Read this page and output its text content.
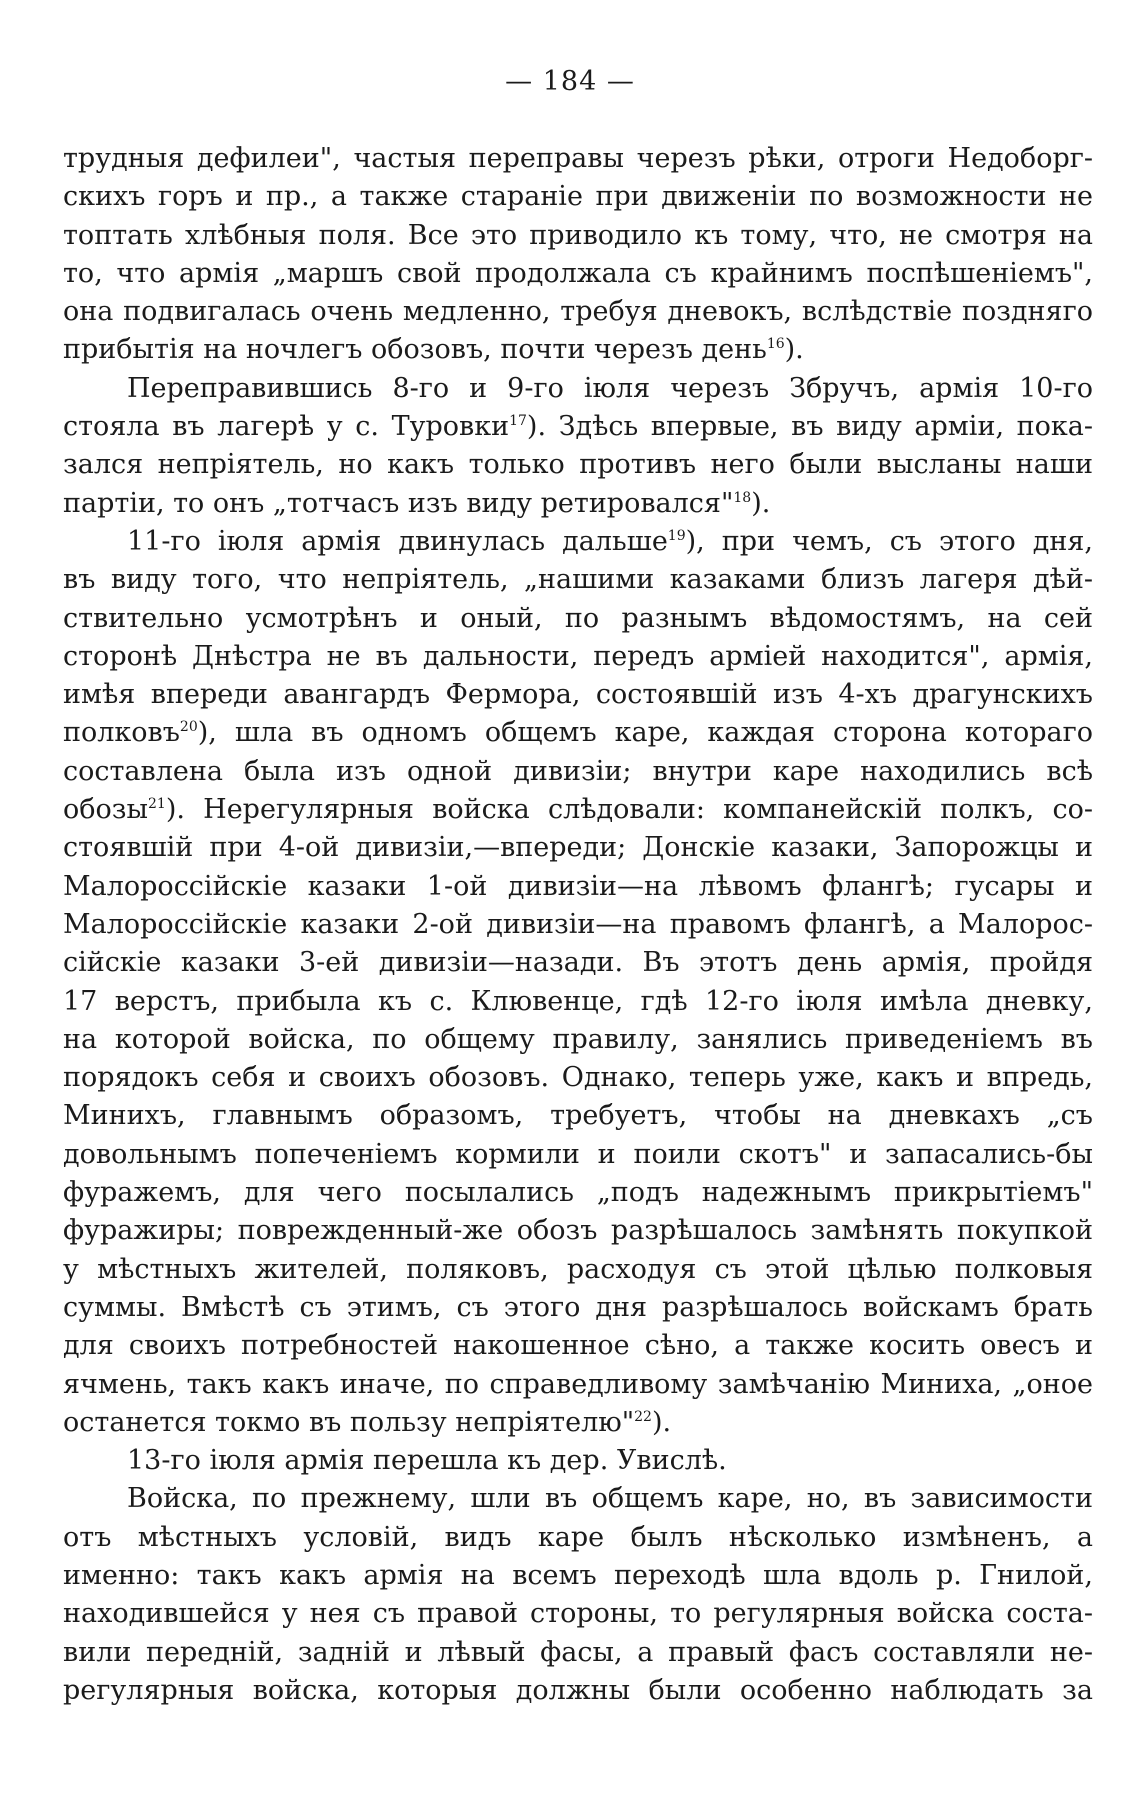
— 184 —
трудныя дефилеи", частыя переправы черезъ рѣки, отроги Недоборг-
скихъ горъ и пр., а также стараніе при движеніи по возможности не
топтать хлѣбныя поля. Все это приводило къ тому, что, не смотря на
то, что армія „маршъ свой продолжала съ крайнимъ поспѣшеніемъ",
она подвигалась очень медленно, требуя дневокъ, вслѣдствіе поздняго
прибытія на ночлегъ обозовъ, почти черезъ день$^{16}$).
Переправившись 8-го и 9-го іюля черезъ Збручъ, армія 10-го
стояла въ лагерѣ у с. Туровки$^{17}$). Здѣсь впервые, въ виду арміи, пока-
зался непріятель, но какъ только противъ него были высланы наши
партіи, то онъ „тотчасъ изъ виду ретировался"$^{18}$).
11-го іюля армія двинулась дальше$^{19}$), при чемъ, съ этого дня,
въ виду того, что непріятель, „нашими казаками близъ лагеря дѣй-
ствительно усмотрѣнъ и оный, по разнымъ вѣдомостямъ, на сей
сторонѣ Днѣстра не въ дальности, передъ арміей находится", армія,
имѣя впереди авангардъ Фермора, состоявшій изъ 4-хъ драгунскихъ
полковъ$^{20}$), шла въ одномъ общемъ каре, каждая сторона котораго
составлена была изъ одной дивизіи; внутри каре находились всѣ
обозы$^{21}$). Нерегулярныя войска слѣдовали: компанейскій полкъ, со-
стоявшій при 4-ой дивизіи,—впереди; Донскіе казаки, Запорожцы и
Малороссійскіе казаки 1-ой дивизіи—на лѣвомъ флангѣ; гусары и
Малороссійскіе казаки 2-ой дивизіи—на правомъ флангѣ, а Малорос-
сійскіе казаки 3-ей дивизіи—назади. Въ этотъ день армія, пройдя
17 верстъ, прибыла къ с. Клювенце, гдѣ 12-го іюля имѣла дневку,
на которой войска, по общему правилу, занялись приведеніемъ въ
порядокъ себя и своихъ обозовъ. Однако, теперь уже, какъ и впредь,
Минихъ, главнымъ образомъ, требуетъ, чтобы на дневкахъ „съ
довольнымъ попеченіемъ кормили и поили скотъ" и запасались-бы
фуражемъ, для чего посылались „подъ надежнымъ прикрытіемъ"
фуражиры; поврежденный-же обозъ разрѣшалось замѣнять покупкой
у мѣстныхъ жителей, поляковъ, расходуя съ этой цѣлью полковыя
суммы. Вмѣстѣ съ этимъ, съ этого дня разрѣшалось войскамъ брать
для своихъ потребностей накошенное сѣно, а также косить овесъ и
ячмень, такъ какъ иначе, по справедливому замѣчанію Миниха, „оное
останется токмо въ пользу непріятелю"$^{22}$).
13-го іюля армія перешла къ дер. Увислѣ.
Войска, по прежнему, шли въ общемъ каре, но, въ зависимости
отъ мѣстныхъ условій, видъ каре былъ нѣсколько измѣненъ, а
именно: такъ какъ армія на всемъ переходѣ шла вдоль р. Гнилой,
находившейся у нея съ правой стороны, то регулярныя войска соста-
вили передній, задній и лѣвый фасы, а правый фасъ составляли не-
регулярныя войска, которыя должны были особенно наблюдать за
